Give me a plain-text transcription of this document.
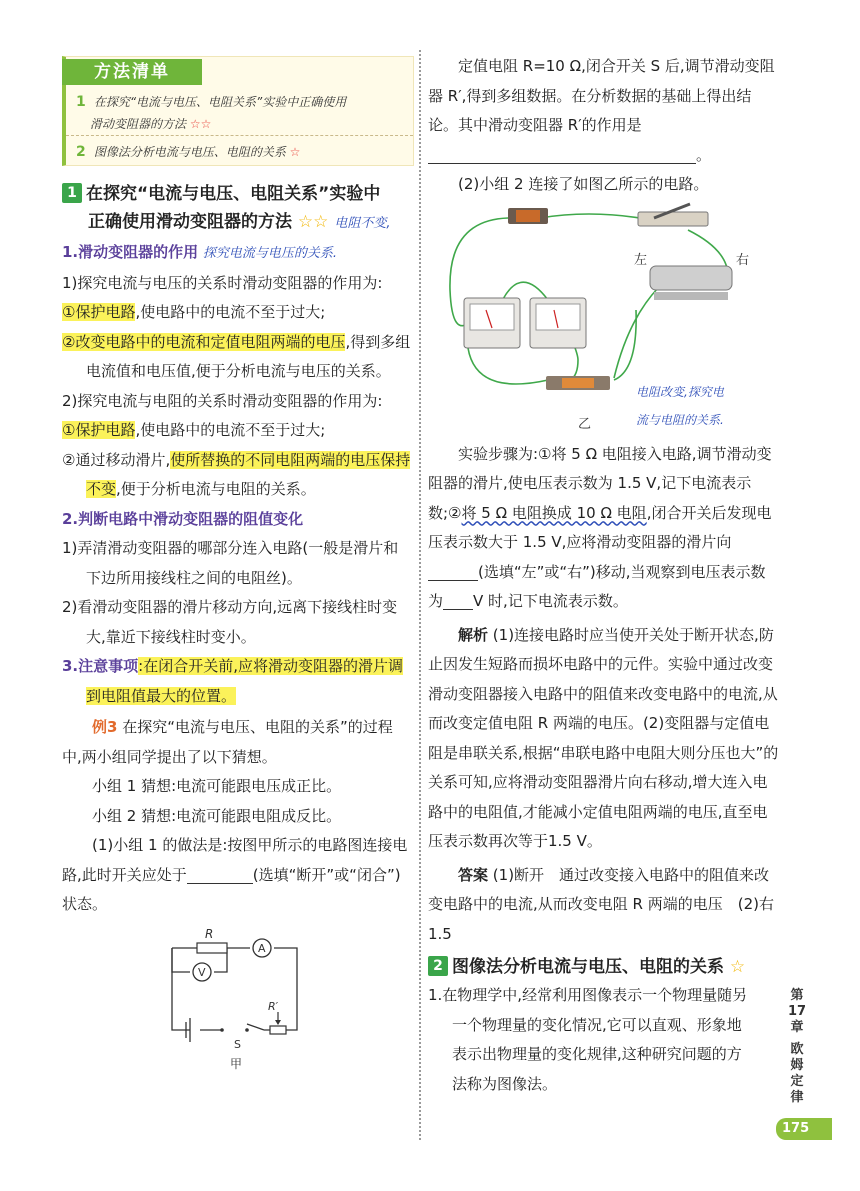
方法清单
1 在探究“电流与电压、电阻关系”实验中正确使用
滑动变阻器的方法 ☆☆
2 图像法分析电流与电压、电阻的关系 ☆
1 在探究“电流与电压、电阻关系”实验中
正确使用滑动变阻器的方法 ☆☆ 电阻不变,
1.滑动变阻器的作用 探究电流与电压的关系.
1)探究电流与电压的关系时滑动变阻器的作用为:
①保护电路,使电路中的电流不至于过大;
②改变电路中的电流和定值电阻两端的电压,得到多组电流值和电压值,便于分析电流与电压的关系。
2)探究电流与电阻的关系时滑动变阻器的作用为:
①保护电路,使电路中的电流不至于过大;
②通过移动滑片,使所替换的不同电阻两端的电压保持不变,便于分析电流与电阻的关系。
2.判断电路中滑动变阻器的阻值变化
1)弄清滑动变阻器的哪部分连入电路(一般是滑片和下边所用接线柱之间的电阻丝)。
2)看滑动变阻器的滑片移动方向,远离下接线柱时变大,靠近下接线柱时变小。
3.注意事项:在闭合开关前,应将滑动变阻器的滑片调到电阻值最大的位置。
例3 在探究“电流与电压、电阻的关系”的过程中,两小组同学提出了以下猜想。
小组 1 猜想:电流可能跟电压成正比。
小组 2 猜想:电流可能跟电阻成反比。
(1)小组 1 的做法是:按图甲所示的电路图连接电路,此时开关应处于	(选填“断开”或“闭合”)状态。
R
A
V
S
R′
甲
定值电阻 R=10 Ω,闭合开关 S 后,调节滑动变阻器 R′,得到多组数据。在分析数据的基础上得出结论。其中滑动变阻器 R′的作用是
。
(2)小组 2 连接了如图乙所示的电路。
左	右
乙
电阻改变,探究电
流与电阻的关系.
实验步骤为:①将 5 Ω 电阻接入电路,调节滑动变阻器的滑片,使电压表示数为 1.5 V,记下电流表示数;②将 5 Ω 电阻换成 10 Ω 电阻,闭合开关后发现电压表示数大于 1.5 V,应将滑动变阻器的滑片向(选填“左”或“右”)移动,当观察到电压表示数为 V 时,记下电流表示数。
解析 (1)连接电路时应当使开关处于断开状态,防止因发生短路而损坏电路中的元件。实验中通过改变滑动变阻器接入电路中的阻值来改变电路中的电流,从而改变定值电阻 R 两端的电压。(2)变阻器与定值电阻是串联关系,根据“串联电路中电阻大则分压也大”的关系可知,应将滑动变阻器滑片向右移动,增大连入电路中的电阻值,才能减小定值电阻两端的电压,直至电压表示数再次等于1.5 V。
答案 (1)断开　通过改变接入电路中的阻值来改变电路中的电流,从而改变电阻 R 两端的电压　(2)右　1.5
2 图像法分析电流与电压、电阻的关系 ☆
1.在物理学中,经常利用图像表示一个物理量随另一个物理量的变化情况,它可以直观、形象地表示出物理量的变化规律,这种研究问题的方法称为图像法。
第
17
章
欧
姆
定
律
175
